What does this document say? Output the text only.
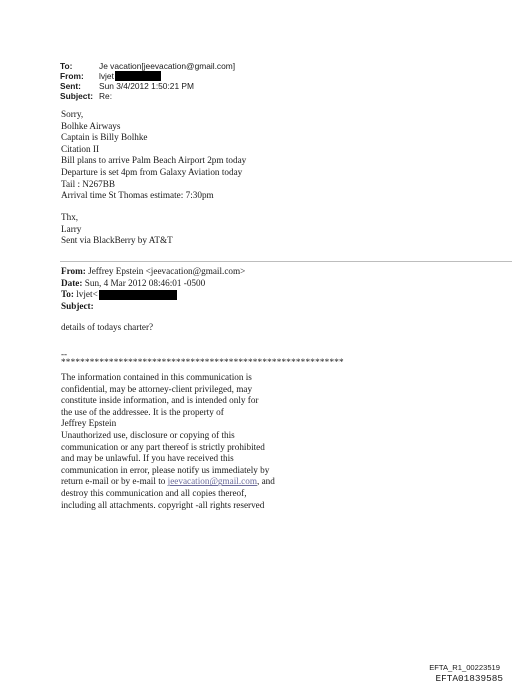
To:	Je vacation[jeevacation@gmail.com]
From:	lvjet
Sent:	Sun 3/4/2012 1:50:21 PM
Subject: Re:
Sorry,
Bolhke Airways
Captain is Billy Bolhke
Citation II
Bill plans to arrive Palm Beach Airport 2pm today
Departure is set 4pm from Galaxy Aviation today
Tail : N267BB
Arrival time St Thomas estimate: 7:30pm
Thx,
Larry
Sent via BlackBerry by AT&T
From: Jeffrey Epstein <jeevacation@gmail.com>
Date: Sun, 4 Mar 2012 08:46:01 -0500
To: lvjet<
Subject:
details of todays charter?
--
***********************************************************
The information contained in this communication is
confidential, may be attorney-client privileged, may
constitute inside information, and is intended only for
the use of the addressee. It is the property of
Jeffrey Epstein
Unauthorized use, disclosure or copying of this
communication or any part thereof is strictly prohibited
and may be unlawful. If you have received this
communication in error, please notify us immediately by
return e-mail or by e-mail to jeevacation@gmail.com, and
destroy this communication and all copies thereof,
including all attachments. copyright -all rights reserved
EFTA_R1_00223519
EFTA01839585
